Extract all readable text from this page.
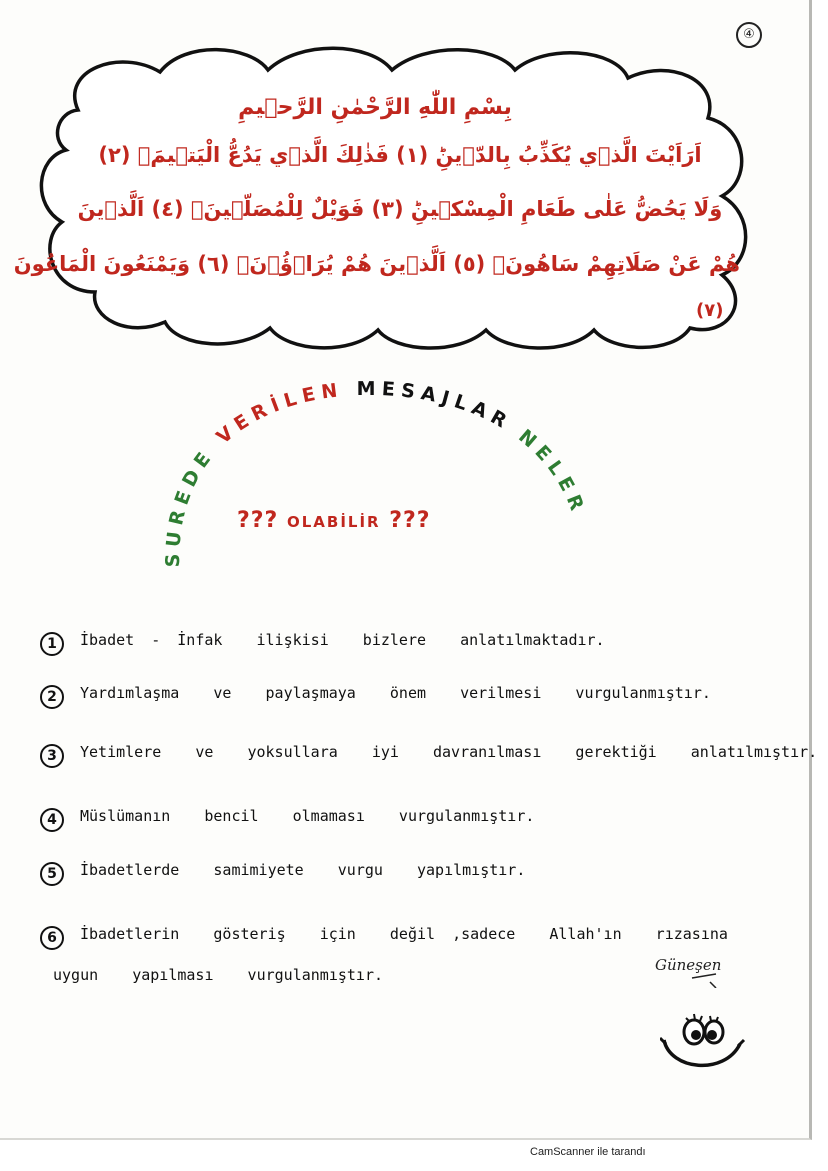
④
بِسْمِ اللّٰهِ الرَّحْمٰنِ الرَّح۪يمِ
اَرَاَيْتَ الَّذ۪ي يُكَذِّبُ بِالدّ۪ينِؕ (١) فَذٰلِكَ الَّذ۪ي يَدُعُّ الْيَت۪يمَۙ (٢)
وَلَا يَحُضُّ عَلٰى طَعَامِ الْمِسْك۪ينِؕ (٣) فَوَيْلٌ لِلْمُصَلّ۪ينَۙ (٤) اَلَّذ۪ينَ
هُمْ عَنْ صَلَاتِهِمْ سَاهُونَۙ (٥) اَلَّذ۪ينَ هُمْ يُرَاۤؤُ۫نَۙ (٦) وَيَمْنَعُونَ الْمَاعُونَ
(٧)
SUREDE VERİLEN MESAJLAR NELER
??? OLABİLİR ???
1	İbadet - İnfak  ilişkisi  bizlere  anlatılmaktadır.
2	Yardımlaşma  ve  paylaşmaya  önem  verilmesi  vurgulanmıştır.
3	Yetimlere  ve  yoksullara  iyi  davranılması  gerektiği  anlatılmıştır.
4	Müslümanın  bencil  olmaması  vurgulanmıştır.
5	İbadetlerde  samimiyete  vurgu  yapılmıştır.
6	İbadetlerin  gösteriş  için  değil ,sadece  Allah'ın  rızasına
uygun  yapılması  vurgulanmıştır.
Güneşen
CamScanner ile tarandı
